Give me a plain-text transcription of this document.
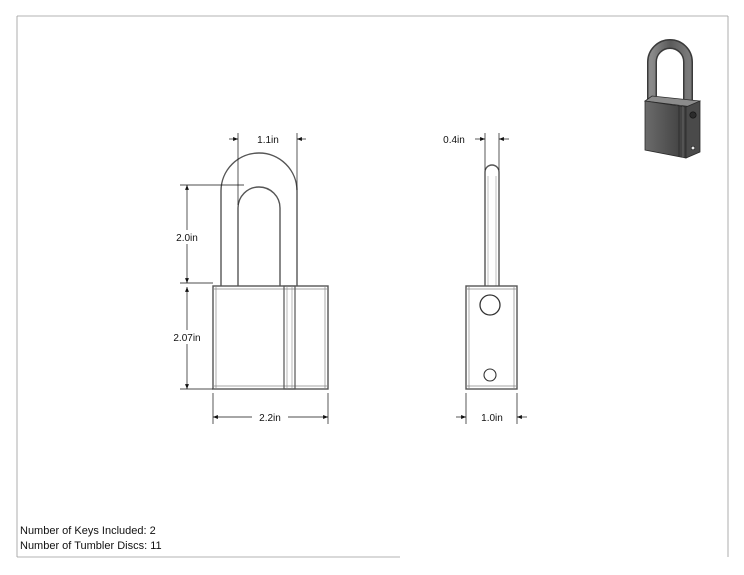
1.1in
2.0in
2.07in
2.2in
0.4in
1.0in
Number of Keys Included: 2
Number of Tumbler Discs: 11
